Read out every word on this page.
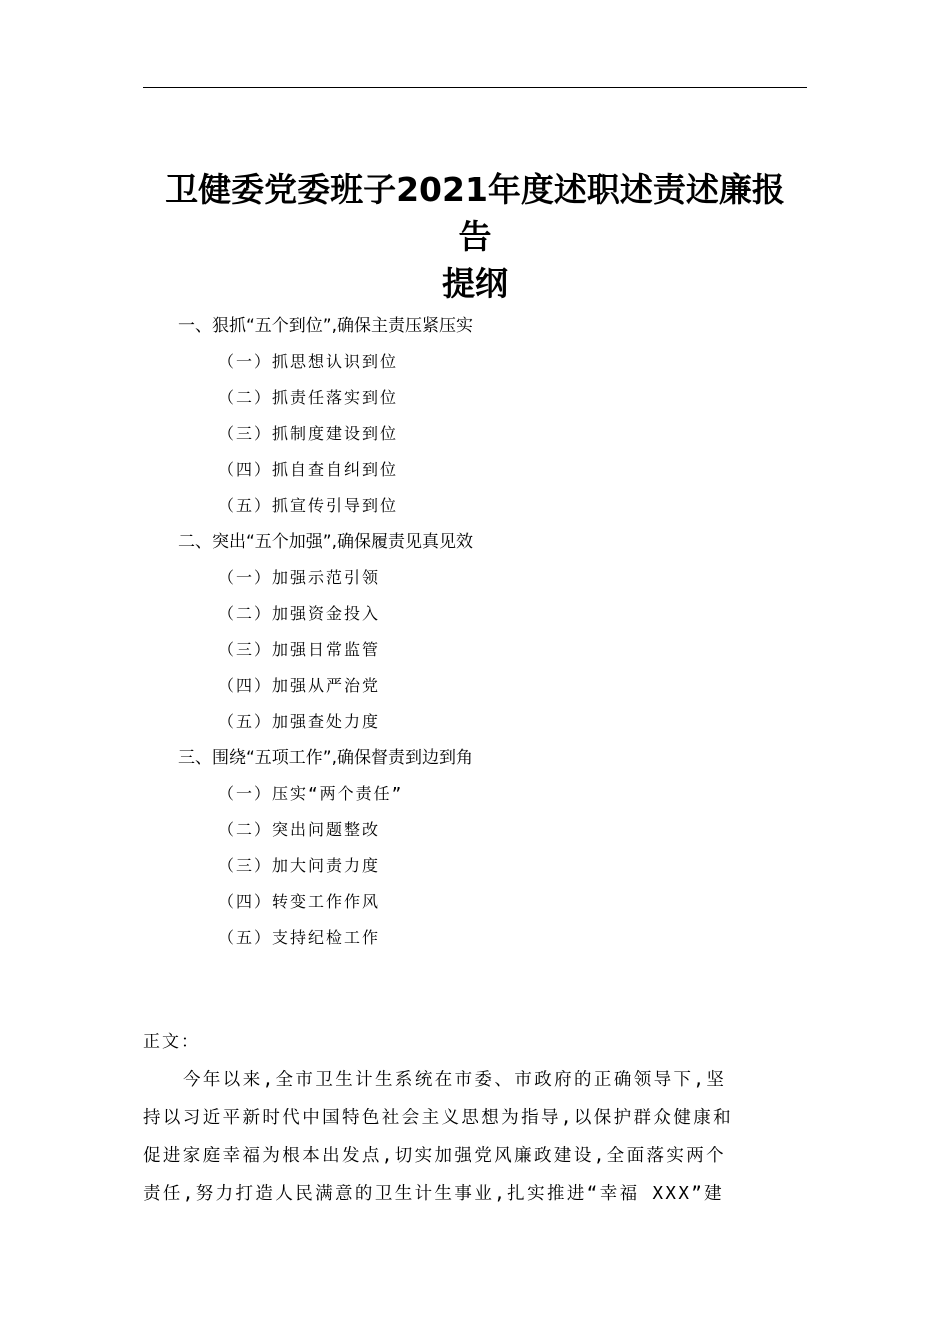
卫健委党委班子2021年度述职述责述廉报
告
提纲
一、狠抓“五个到位”,确保主责压紧压实
（一）抓思想认识到位
（二）抓责任落实到位
（三）抓制度建设到位
（四）抓自查自纠到位
（五）抓宣传引导到位
二、突出“五个加强”,确保履责见真见效
（一）加强示范引领
（二）加强资金投入
（三）加强日常监管
（四）加强从严治党
（五）加强查处力度
三、围绕“五项工作”,确保督责到边到角
（一）压实“两个责任”
（二）突出问题整改
（三）加大问责力度
（四）转变工作作风
（五）支持纪检工作
正文：
今年以来,全市卫生计生系统在市委、市政府的正确领导下,坚
持以习近平新时代中国特色社会主义思想为指导,以保护群众健康和
促进家庭幸福为根本出发点,切实加强党风廉政建设,全面落实两个
责任,努力打造人民满意的卫生计生事业,扎实推进“幸福 XXX”建
